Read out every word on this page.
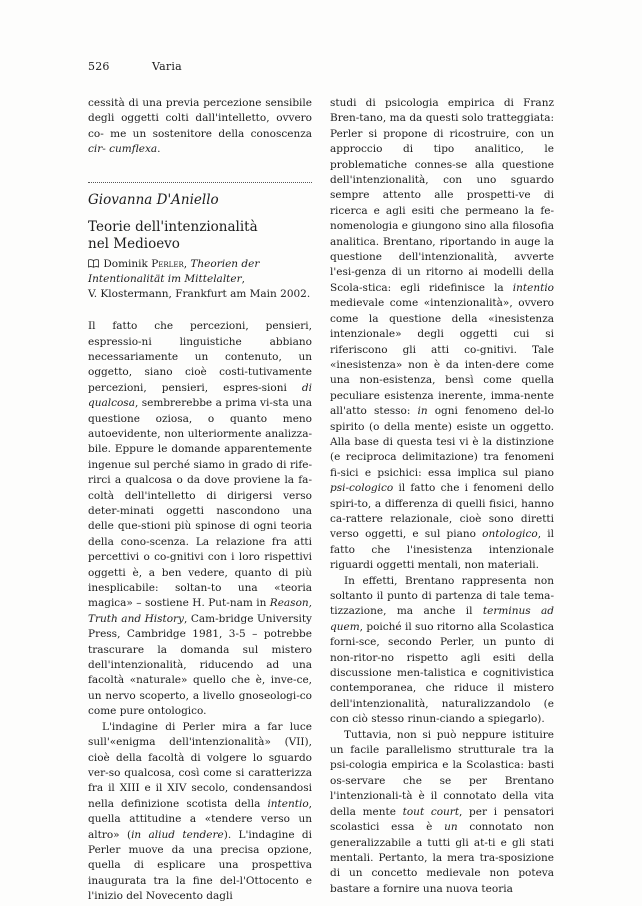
526	Varia

cessità di una previa percezione sensibile degli oggetti colti dall'intelletto, ovvero co- me un sostenitore della conoscenza cir- cumflexa.

Giovanna D'Aniello
Teorie dell'intenzionalità
nel Medioevo
Dominik Perler, Theorien der
Intentionalität im Mittelalter,
V. Klostermann, Frankfurt am Main 2002.

Il fatto che percezioni, pensieri, espressio-ni linguistiche abbiano necessariamente un contenuto, un oggetto, siano cioè costi-tutivamente percezioni, pensieri, espres-sioni di qualcosa, sembrerebbe a prima vi-sta una questione oziosa, o quanto meno autoevidente, non ulteriormente analizza-bile. Eppure le domande apparentemente ingenue sul perché siamo in grado di rife-rirci a qualcosa o da dove proviene la fa-coltà dell'intelletto di dirigersi verso deter-minati oggetti nascondono una delle que-stioni più spinose di ogni teoria della cono-scenza. La relazione fra atti percettivi o co-gnitivi con i loro rispettivi oggetti è, a ben vedere, quanto di più inesplicabile: soltan-to una «teoria magica» – sostiene H. Put-nam in Reason, Truth and History, Cam-bridge University Press, Cambridge 1981, 3-5 – potrebbe trascurare la domanda sul mistero dell'intenzionalità, riducendo ad una facoltà «naturale» quello che è, inve-ce, un nervo scoperto, a livello gnoseologi-co come pure ontologico.

L'indagine di Perler mira a far luce sull'«enigma dell'intenzionalità» (VII), cioè della facoltà di volgere lo sguardo ver-so qualcosa, così come si caratterizza fra il XIII e il XIV secolo, condensandosi nella definizione scotista della intentio, quella attitudine a «tendere verso un altro» (in aliud tendere). L'indagine di Perler muove da una precisa opzione, quella di esplicare una prospettiva inaugurata tra la fine del-l'Ottocento e l'inizio del Novecento dagli

studi di psicologia empirica di Franz Bren-tano, ma da questi solo tratteggiata: Perler si propone di ricostruire, con un approccio di tipo analitico, le problematiche connes-se alla questione dell'intenzionalità, con uno sguardo sempre attento alle prospetti-ve di ricerca e agli esiti che permeano la fe-nomenologia e giungono sino alla filosofia analitica. Brentano, riportando in auge la questione dell'intenzionalità, avverte l'esi-genza di un ritorno ai modelli della Scola-stica: egli ridefinisce la intentio medievale come «intenzionalità», ovvero come la questione della «inesistenza intenzionale» degli oggetti cui si riferiscono gli atti co-gnitivi. Tale «inesistenza» non è da inten-dere come una non-esistenza, bensì come quella peculiare esistenza inerente, imma-nente all'atto stesso: in ogni fenomeno del-lo spirito (o della mente) esiste un oggetto. Alla base di questa tesi vi è la distinzione (e reciproca delimitazione) tra fenomeni fi-sici e psichici: essa implica sul piano psi-cologico il fatto che i fenomeni dello spiri-to, a differenza di quelli fisici, hanno ca-rattere relazionale, cioè sono diretti verso oggetti, e sul piano ontologico, il fatto che l'inesistenza intenzionale riguardi oggetti mentali, non materiali.

In effetti, Brentano rappresenta non soltanto il punto di partenza di tale tema-tizzazione, ma anche il terminus ad quem, poiché il suo ritorno alla Scolastica forni-sce, secondo Perler, un punto di non-ritor-no rispetto agli esiti della discussione men-talistica e cognitivistica contemporanea, che riduce il mistero dell'intenzionalità, naturalizzandolo (e con ciò stesso rinun-ciando a spiegarlo).

Tuttavia, non si può neppure istituire un facile parallelismo strutturale tra la psi-cologia empirica e la Scolastica: basti os-servare che se per Brentano l'intenzionali-tà è il connotato della vita della mente tout court, per i pensatori scolastici essa è un connotato non generalizzabile a tutti gli at-ti e gli stati mentali. Pertanto, la mera tra-sposizione di un concetto medievale non poteva bastare a fornire una nuova teoria
